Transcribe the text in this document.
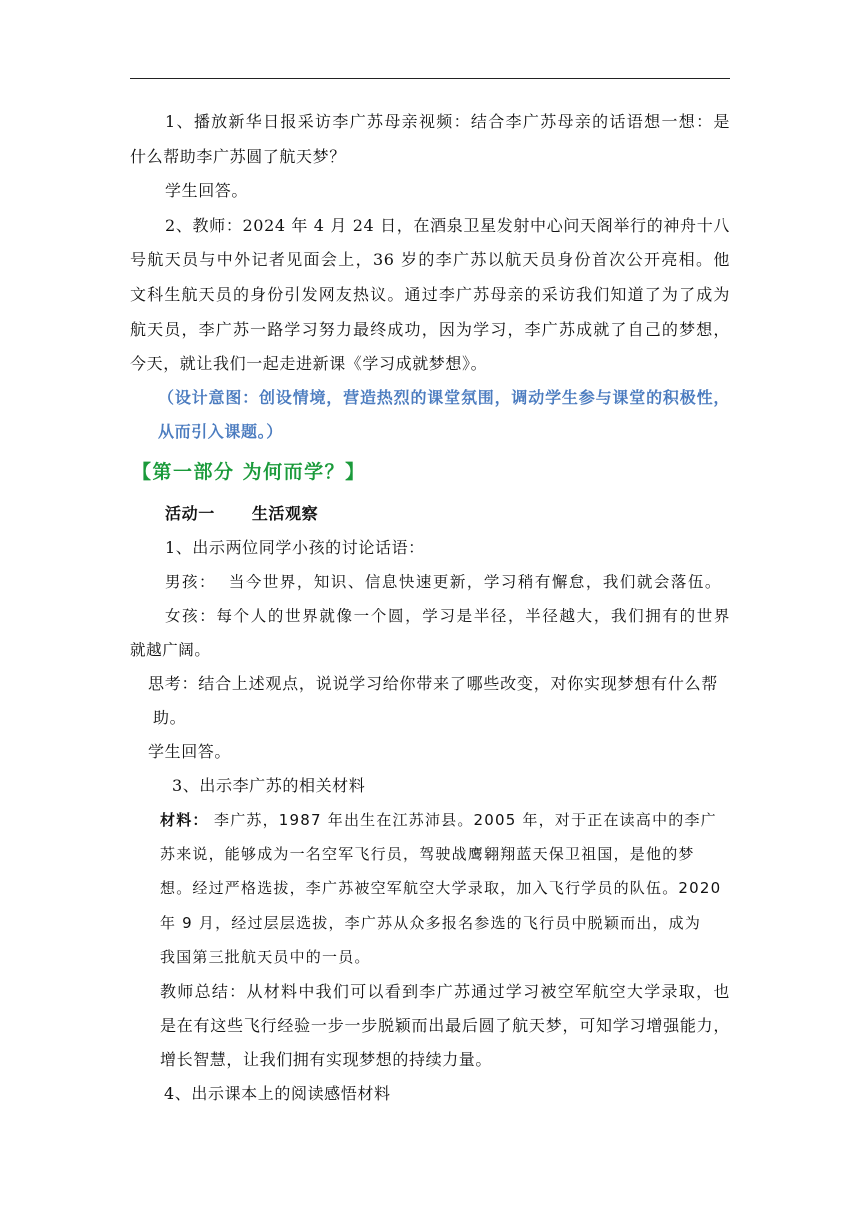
1、播放新华日报采访李广苏母亲视频：结合李广苏母亲的话语想一想：是
什么帮助李广苏圆了航天梦？
学生回答。
2、教师：2024 年 4 月 24 日，在酒泉卫星发射中心问天阁举行的神舟十八
号航天员与中外记者见面会上，36 岁的李广苏以航天员身份首次公开亮相。他
文科生航天员的身份引发网友热议。通过李广苏母亲的采访我们知道了为了成为
航天员，李广苏一路学习努力最终成功，因为学习，李广苏成就了自己的梦想，
今天，就让我们一起走进新课《学习成就梦想》。
（设计意图：创设情境，营造热烈的课堂氛围，调动学生参与课堂的积极性，
从而引入课题。）
【第一部分 为何而学？】
活动一      生活观察
1、出示两位同学小孩的讨论话语：
男孩：  当今世界，知识、信息快速更新，学习稍有懈怠，我们就会落伍。
女孩：每个人的世界就像一个圆，学习是半径，半径越大，我们拥有的世界
就越广阔。
思考：结合上述观点，说说学习给你带来了哪些改变，对你实现梦想有什么帮
助。
学生回答。
3、出示李广苏的相关材料
材料： 李广苏，1987 年出生在江苏沛县。2005 年，对于正在读高中的李广
苏来说，能够成为一名空军飞行员，驾驶战鹰翱翔蓝天保卫祖国，是他的梦
想。经过严格选拔，李广苏被空军航空大学录取，加入飞行学员的队伍。2020
年 9 月，经过层层选拔，李广苏从众多报名参选的飞行员中脱颖而出，成为
我国第三批航天员中的一员。
教师总结：从材料中我们可以看到李广苏通过学习被空军航空大学录取，也
是在有这些飞行经验一步一步脱颖而出最后圆了航天梦，可知学习增强能力，
增长智慧，让我们拥有实现梦想的持续力量。
4、出示课本上的阅读感悟材料
